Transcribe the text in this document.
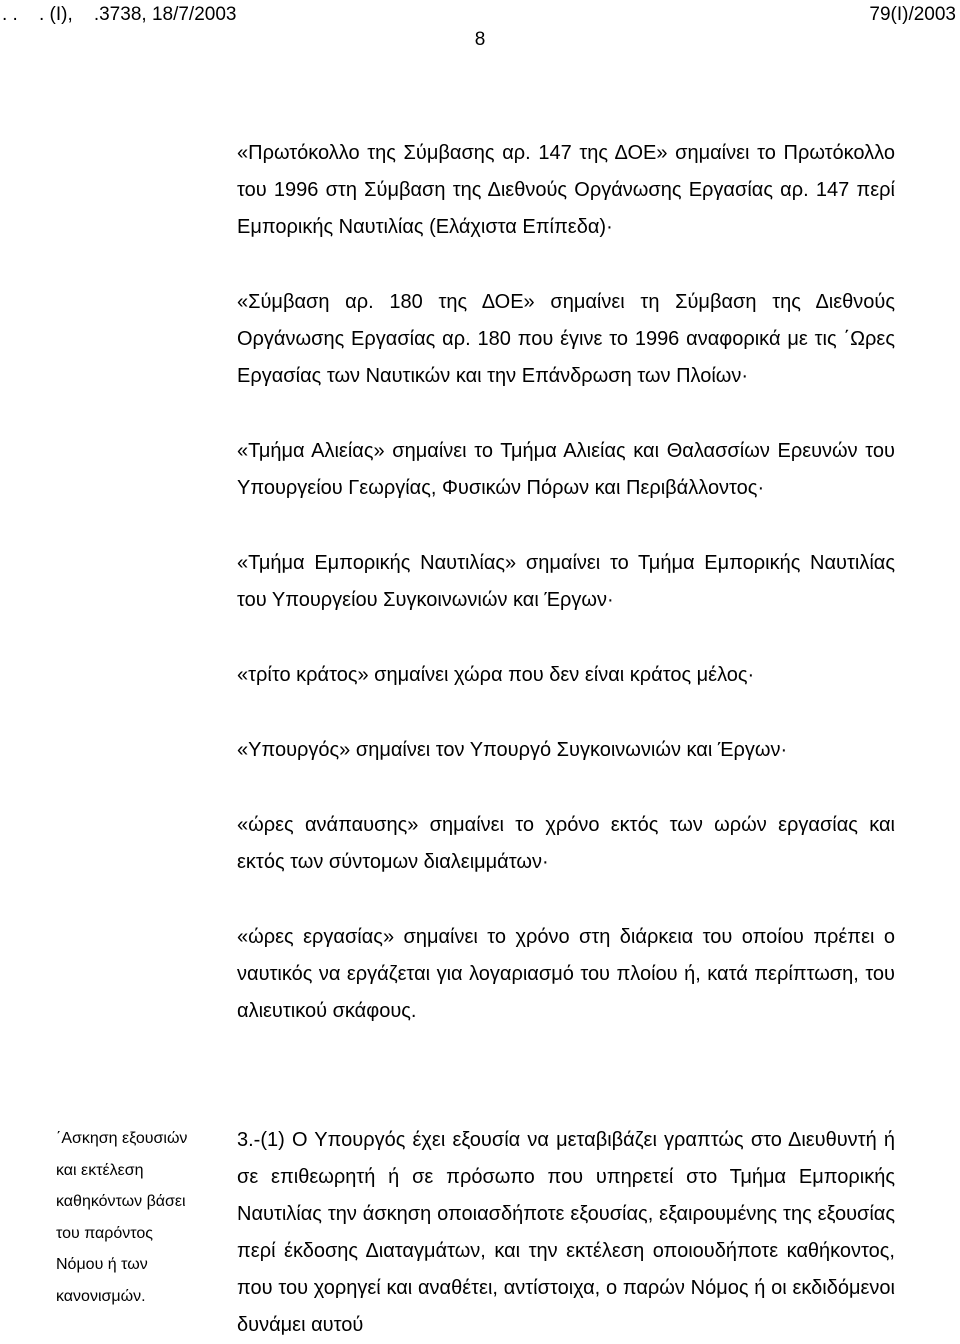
. .    . (I),    .3738, 18/7/2003	79(I)/2003
8

«Πρωτόκολλο της Σύμβασης αρ. 147 της ΔΟΕ» σημαίνει το Πρωτόκολλο του 1996 στη Σύμβαση της Διεθνούς Οργάνωσης Εργασίας αρ. 147 περί Εμπορικής Ναυτιλίας (Ελάχιστα Επίπεδα)·

«Σύμβαση αρ. 180 της ΔΟΕ» σημαίνει τη Σύμβαση της Διεθνούς Οργάνωσης Εργασίας αρ. 180 που έγινε το 1996 αναφορικά με τις ΄Ωρες Εργασίας των Ναυτικών και την Επάνδρωση των Πλοίων·

«Τμήμα Αλιείας» σημαίνει το Τμήμα Αλιείας και Θαλασσίων Ερευνών του Υπουργείου Γεωργίας, Φυσικών Πόρων και Περιβάλλοντος·

«Τμήμα Εμπορικής Ναυτιλίας» σημαίνει το Τμήμα Εμπορικής Ναυτιλίας του Υπουργείου Συγκοινωνιών και Έργων·

«τρίτο κράτος» σημαίνει χώρα που δεν είναι κράτος μέλος·

«Υπουργός» σημαίνει τον Υπουργό Συγκοινωνιών και Έργων·

«ώρες ανάπαυσης» σημαίνει το χρόνο εκτός των ωρών εργασίας και εκτός των σύντομων διαλειμμάτων·

«ώρες εργασίας» σημαίνει το χρόνο στη διάρκεια του οποίου πρέπει ο ναυτικός να εργάζεται για λογαριασμό του πλοίου ή, κατά περίπτωση, του αλιευτικού σκάφους.

΄Ασκηση εξουσιών
και εκτέλεση
καθηκόντων βάσει
του παρόντος
Νόμου ή των
κανονισμών.

3.-(1) Ο Υπουργός έχει εξουσία να μεταβιβάζει γραπτώς στο Διευθυντή ή σε επιθεωρητή ή σε πρόσωπο που υπηρετεί στο Τμήμα Εμπορικής Ναυτιλίας την άσκηση οποιασδήποτε εξουσίας, εξαιρουμένης της εξουσίας περί έκδοσης Διαταγμάτων, και την εκτέλεση οποιουδήποτε καθήκοντος, που του χορηγεί και αναθέτει, αντίστοιχα, ο παρών Νόμος ή οι εκδιδόμενοι δυνάμει αυτού
